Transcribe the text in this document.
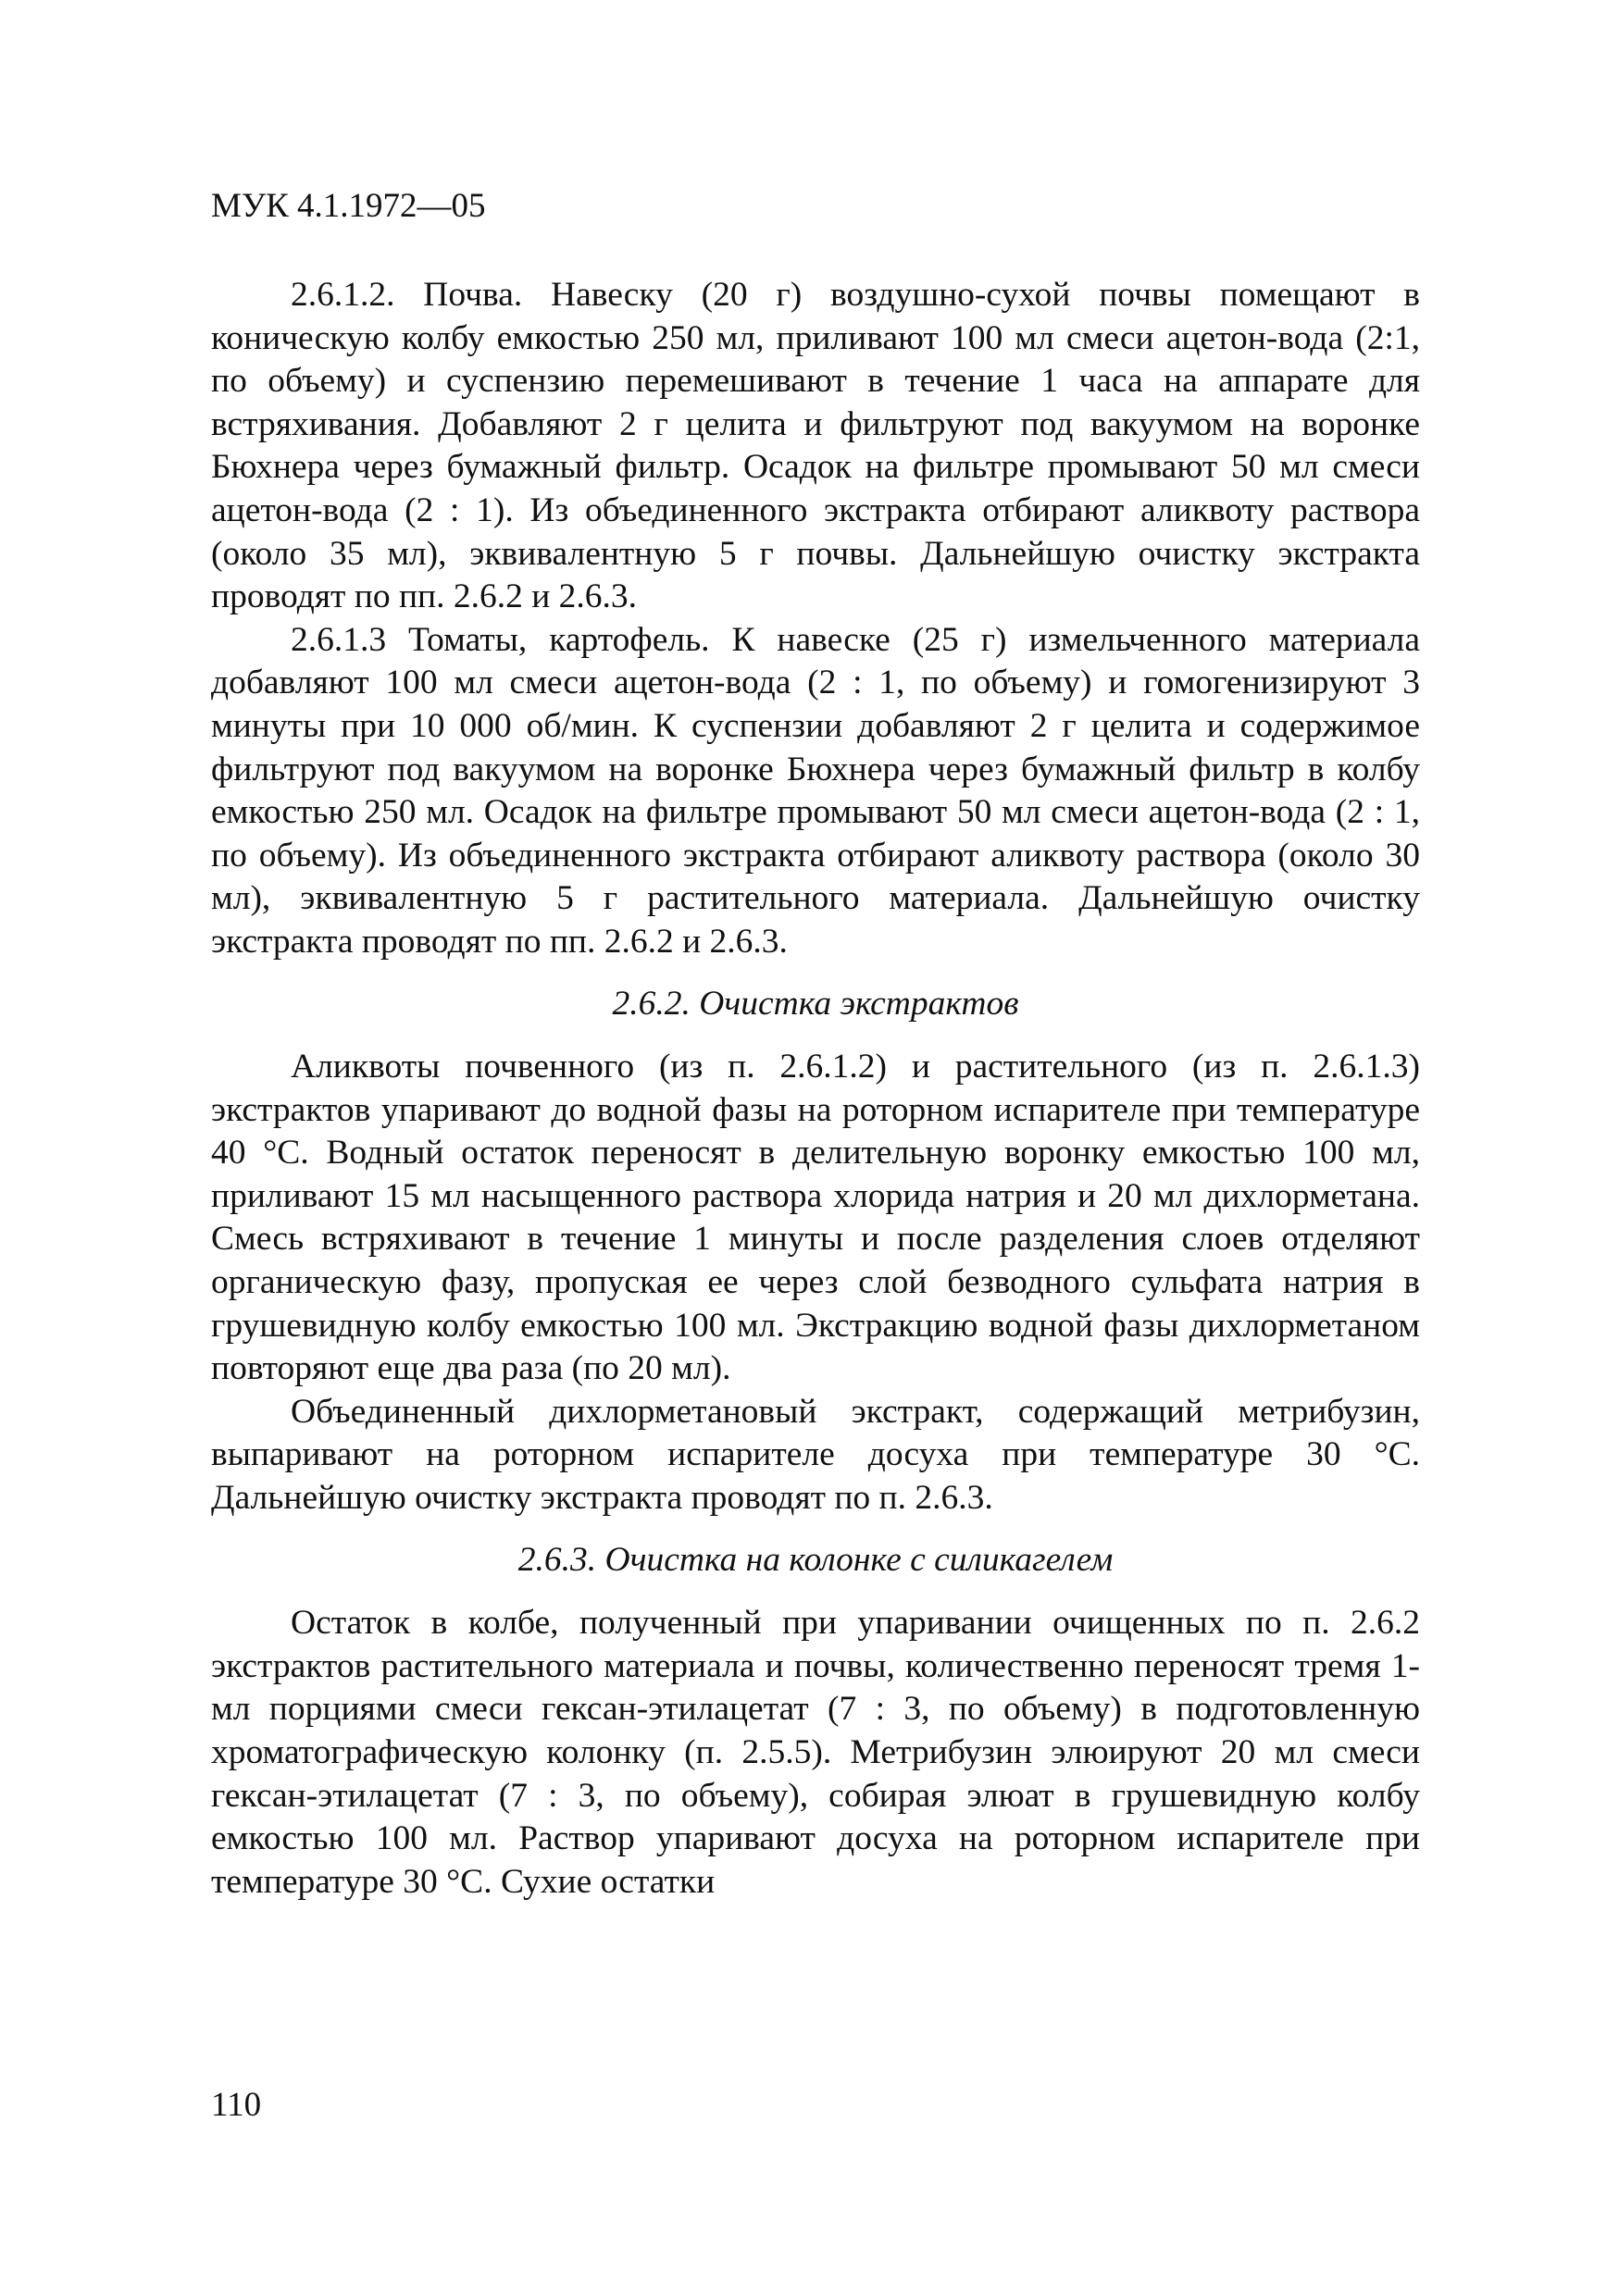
МУК 4.1.1972—05

2.6.1.2. Почва. Навеску (20 г) воздушно-сухой почвы помещают в коническую колбу емкостью 250 мл, приливают 100 мл смеси ацетон-вода (2:1, по объему) и суспензию перемешивают в течение 1 часа на аппарате для встряхивания. Добавляют 2 г целита и фильтруют под вакуумом на воронке Бюхнера через бумажный фильтр. Осадок на фильтре промывают 50 мл смеси ацетон-вода (2 : 1). Из объединенного экстракта отбирают аликвоту раствора (около 35 мл), эквивалентную 5 г почвы. Дальнейшую очистку экстракта проводят по пп. 2.6.2 и 2.6.3.

2.6.1.3 Томаты, картофель. К навеске (25 г) измельченного материала добавляют 100 мл смеси ацетон-вода (2 : 1, по объему) и гомогенизируют 3 минуты при 10 000 об/мин. К суспензии добавляют 2 г целита и содержимое фильтруют под вакуумом на воронке Бюхнера через бумажный фильтр в колбу емкостью 250 мл. Осадок на фильтре промывают 50 мл смеси ацетон-вода (2 : 1, по объему). Из объединенного экстракта отбирают аликвоту раствора (около 30 мл), эквивалентную 5 г растительного материала. Дальнейшую очистку экстракта проводят по пп. 2.6.2 и 2.6.3.

2.6.2. Очистка экстрактов

Аликвоты почвенного (из п. 2.6.1.2) и растительного (из п. 2.6.1.3) экстрактов упаривают до водной фазы на роторном испарителе при температуре 40 °С. Водный остаток переносят в делительную воронку емкостью 100 мл, приливают 15 мл насыщенного раствора хлорида натрия и 20 мл дихлорметана. Смесь встряхивают в течение 1 минуты и после разделения слоев отделяют органическую фазу, пропуская ее через слой безводного сульфата натрия в грушевидную колбу емкостью 100 мл. Экстракцию водной фазы дихлорметаном повторяют еще два раза (по 20 мл).

Объединенный дихлорметановый экстракт, содержащий метрибузин, выпаривают на роторном испарителе досуха при температуре 30 °С. Дальнейшую очистку экстракта проводят по п. 2.6.3.

2.6.3. Очистка на колонке с силикагелем

Остаток в колбе, полученный при упаривании очищенных по п. 2.6.2 экстрактов растительного материала и почвы, количественно переносят тремя 1-мл порциями смеси гексан-этилацетат (7 : 3, по объему) в подготовленную хроматографическую колонку (п. 2.5.5). Метрибузин элюируют 20 мл смеси гексан-этилацетат (7 : 3, по объему), собирая элюат в грушевидную колбу емкостью 100 мл. Раствор упаривают досуха на роторном испарителе при температуре 30 °С. Сухие остатки

110
